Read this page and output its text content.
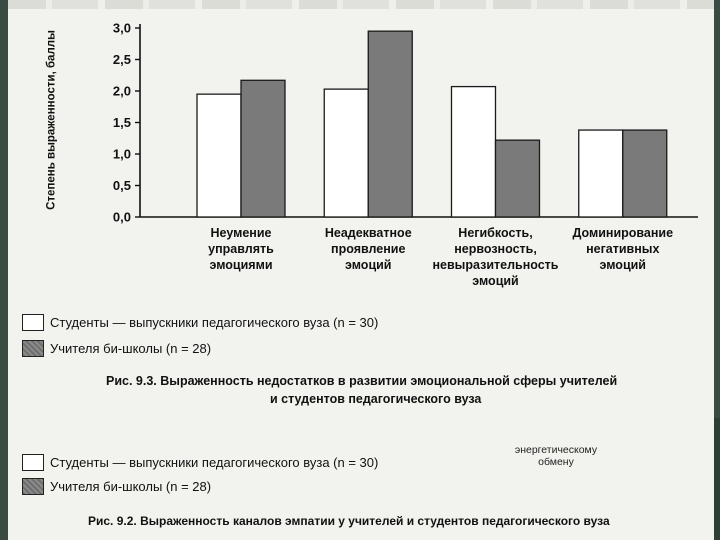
Степень выраженности, баллы
0,0
0,5
1,0
1,5
2,0
2,5
3,0
Неумение управлять эмоциями
Неадекватное проявление эмоций
Негибкость, нервозность, невыразительность эмоций
Доминирование негативных эмоций
Студенты — выпускники педагогического вуза (n = 30)
Учителя би-школы (n = 28)
Рис. 9.3. Выраженность недостатков в развитии эмоциональной сферы учителей
и студентов педагогического вуза
энергетическому
обмену
Студенты — выпускники педагогического вуза (n = 30)
Учителя би-школы (n = 28)
Рис. 9.2. Выраженность каналов эмпатии у учителей и студентов педагогического вуза
